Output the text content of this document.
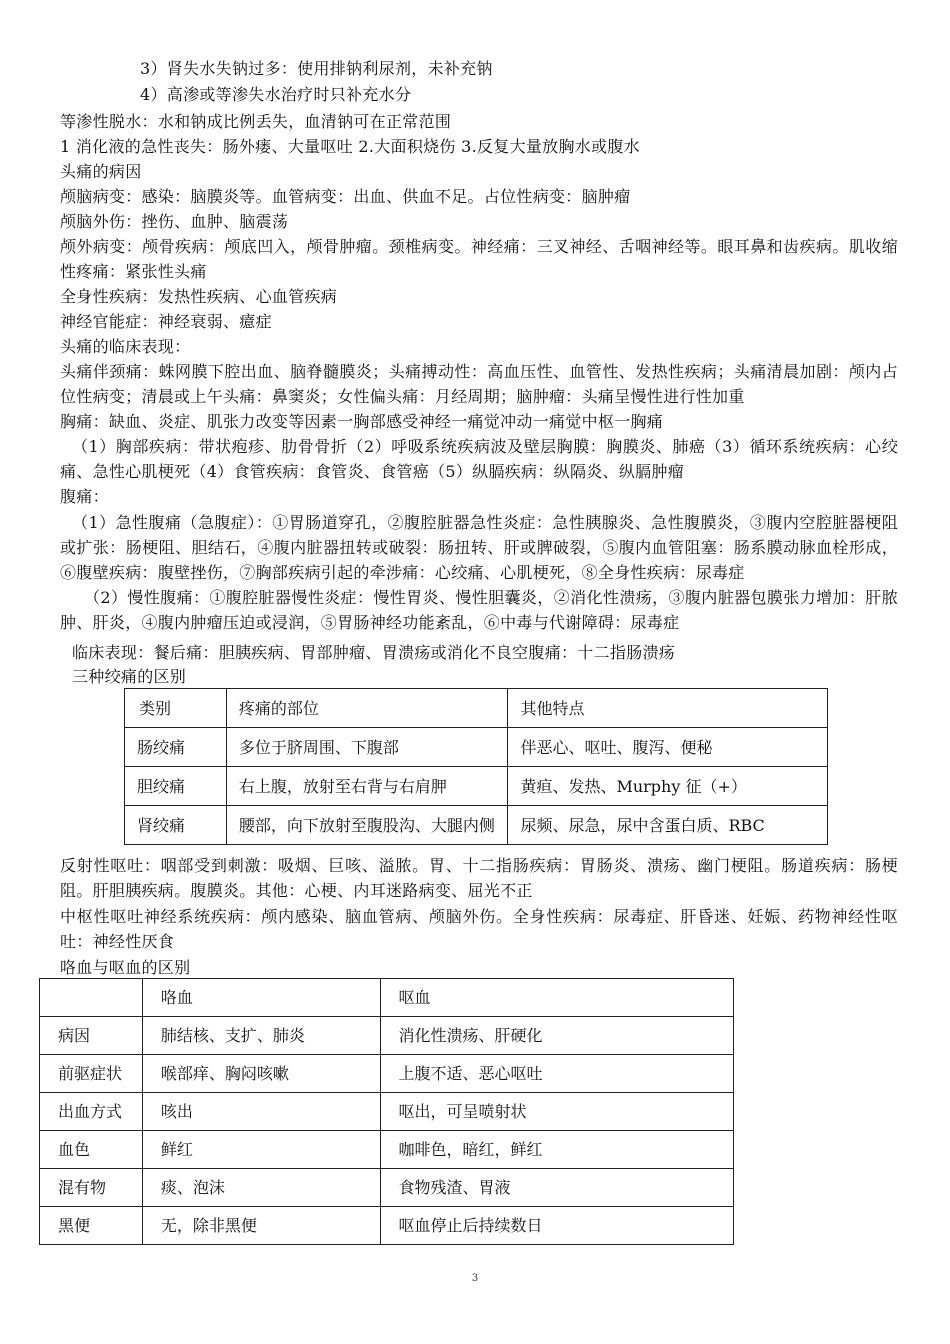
3）肾失水失钠过多：使用排钠利尿剂，未补充钠
4）高渗或等渗失水治疗时只补充水分
等渗性脱水：水和钠成比例丢失，血清钠可在正常范围
1 消化液的急性丧失：肠外瘘、大量呕吐 2.大面积烧伤 3.反复大量放胸水或腹水
头痛的病因
颅脑病变：感染：脑膜炎等。血管病变：出血、供血不足。占位性病变：脑肿瘤
颅脑外伤：挫伤、血肿、脑震荡
颅外病变：颅骨疾病：颅底凹入，颅骨肿瘤。颈椎病变。神经痛：三叉神经、舌咽神经等。眼耳鼻和齿疾病。肌收缩性疼痛：紧张性头痛
全身性疾病：发热性疾病、心血管疾病
神经官能症：神经衰弱、癔症
头痛的临床表现：
头痛伴颈痛：蛛网膜下腔出血、脑脊髓膜炎；头痛搏动性：高血压性、血管性、发热性疾病；头痛清晨加剧：颅内占位性病变；清晨或上午头痛：鼻窦炎；女性偏头痛：月经周期；脑肿瘤：头痛呈慢性进行性加重
胸痛：缺血、炎症、肌张力改变等因素一胸部感受神经一痛觉冲动一痛觉中枢一胸痛
（1）胸部疾病：带状疱疹、肋骨骨折（2）呼吸系统疾病波及壁层胸膜：胸膜炎、肺癌（3）循环系统疾病：心绞痛、急性心肌梗死（4）食管疾病：食管炎、食管癌（5）纵膈疾病：纵隔炎、纵膈肿瘤
腹痛：
（1）急性腹痛（急腹症）：①胃肠道穿孔，②腹腔脏器急性炎症：急性胰腺炎、急性腹膜炎，③腹内空腔脏器梗阻或扩张：肠梗阻、胆结石，④腹内脏器扭转或破裂：肠扭转、肝或脾破裂，⑤腹内血管阻塞：肠系膜动脉血栓形成，⑥腹壁疾病：腹壁挫伤，⑦胸部疾病引起的牵涉痛：心绞痛、心肌梗死，⑧全身性疾病：尿毒症
（2）慢性腹痛：①腹腔脏器慢性炎症：慢性胃炎、慢性胆囊炎，②消化性溃疡，③腹内脏器包膜张力增加：肝脓肿、肝炎，④腹内肿瘤压迫或浸润，⑤胃肠神经功能紊乱，⑥中毒与代谢障碍：尿毒症
临床表现：餐后痛：胆胰疾病、胃部肿瘤、胃溃疡或消化不良空腹痛：十二指肠溃疡
三种绞痛的区别
类别	疼痛的部位	其他特点
肠绞痛	多位于脐周围、下腹部	伴恶心、呕吐、腹泻、便秘
胆绞痛	右上腹，放射至右背与右肩胛	黄疸、发热、Murphy 征（+）
肾绞痛	腰部，向下放射至腹股沟、大腿内侧	尿频、尿急，尿中含蛋白质、RBC
反射性呕吐：咽部受到刺激：吸烟、巨咳、溢脓。胃、十二指肠疾病：胃肠炎、溃疡、幽门梗阻。肠道疾病：肠梗阻。肝胆胰疾病。腹膜炎。其他：心梗、内耳迷路病变、屈光不正
中枢性呕吐神经系统疾病：颅内感染、脑血管病、颅脑外伤。全身性疾病：尿毒症、肝昏迷、妊娠、药物神经性呕吐：神经性厌食
咯血与呕血的区别
	咯血	呕血
病因	肺结核、支扩、肺炎	消化性溃疡、肝硬化
前驱症状	喉部痒、胸闷咳嗽	上腹不适、恶心呕吐
出血方式	咳出	呕出，可呈喷射状
血色	鲜红	咖啡色，暗红，鲜红
混有物	痰、泡沫	食物残渣、胃液
黑便	无，除非黑便	呕血停止后持续数日
3
